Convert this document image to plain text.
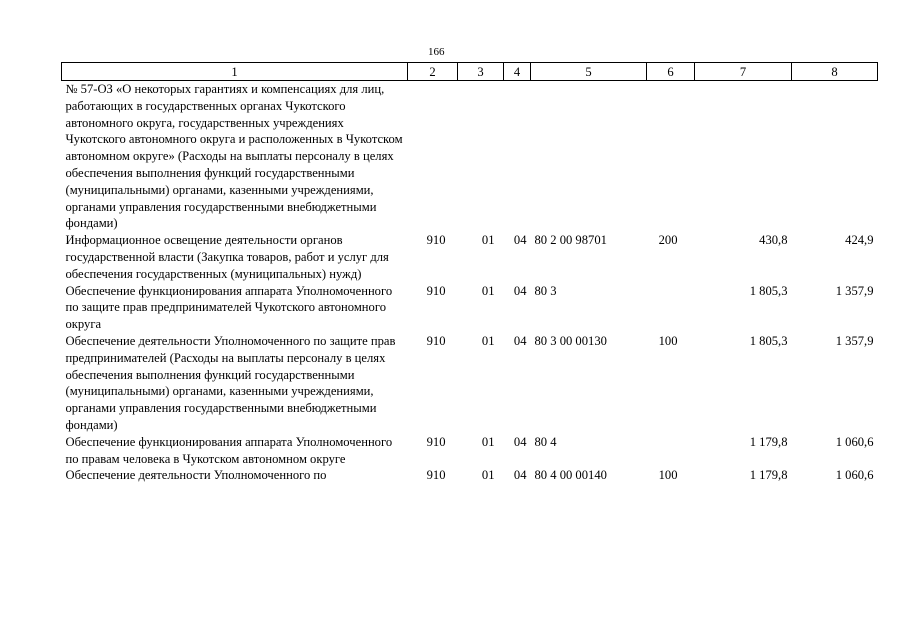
166
1	2	3	4	5	6	7	8
№ 57-ОЗ «О некоторых гарантиях и компенсациях для лиц, работающих в государственных органах Чукотского автономного округа, государственных учреждениях Чукотского автономного округа и расположенных в Чукотском автономном округе» (Расходы на выплаты персоналу в целях обеспечения выполнения функций государственными (муниципальными) органами, казенными учреждениями, органами управления государственными внебюджетными фондами)							
Информационное освещение деятельности органов государственной власти (Закупка товаров, работ и услуг для обеспечения государственных (муниципальных) нужд)	910	01	04	80 2 00 98701	200	430,8	424,9
Обеспечение функционирования аппарата Уполномоченного по защите прав предпринимателей Чукотского автономного округа	910	01	04	80 3		1 805,3	1 357,9
Обеспечение деятельности Уполномоченного по защите прав предпринимателей (Расходы на выплаты персоналу в целях обеспечения выполнения функций государственными (муниципальными) органами, казенными учреждениями, органами управления государственными внебюджетными фондами)	910	01	04	80 3 00 00130	100	1 805,3	1 357,9
Обеспечение функционирования аппарата Уполномоченного по правам человека в Чукотском автономном округе	910	01	04	80 4		1 179,8	1 060,6
Обеспечение деятельности Уполномоченного по	910	01	04	80 4 00 00140	100	1 179,8	1 060,6
